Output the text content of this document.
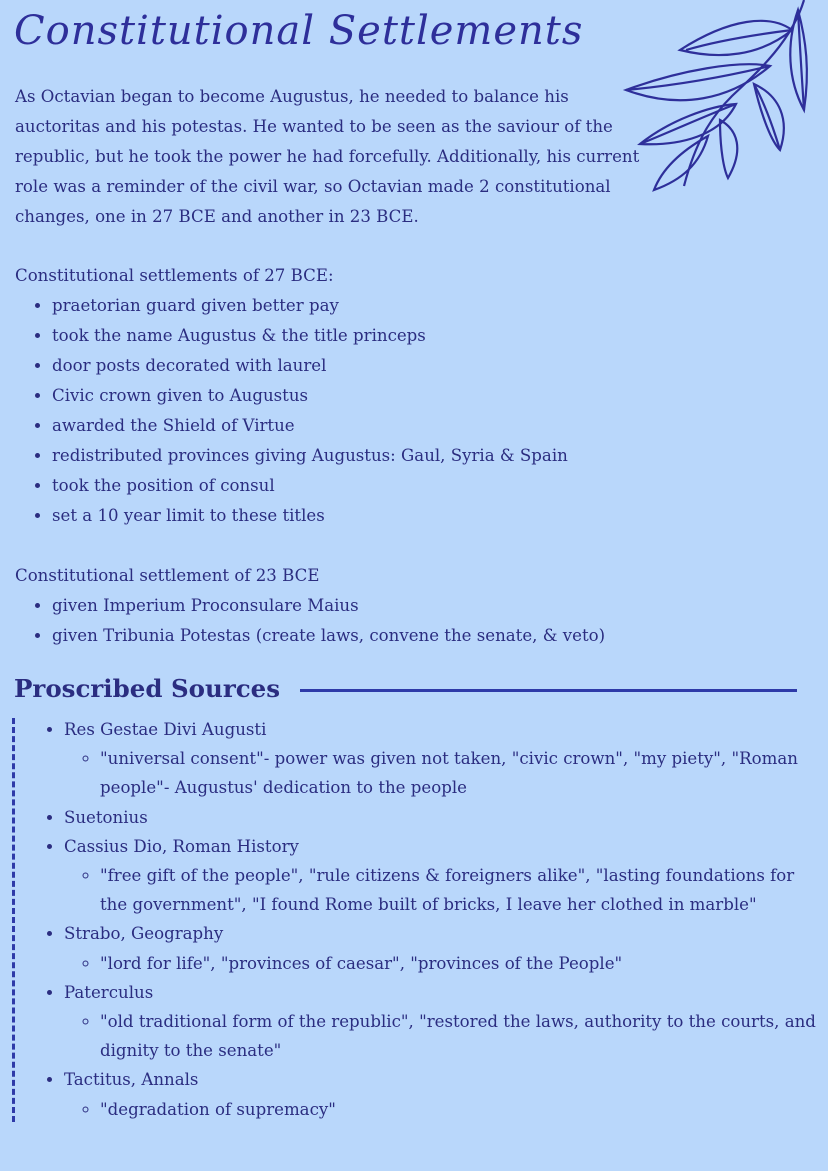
Constitutional Settlements

As Octavian began to become Augustus, he needed to balance his auctoritas and his potestas. He wanted to be seen as the saviour of the republic, but he took the power he had forcefully. Additionally, his current role was a reminder of the civil war, so Octavian made 2 constitutional changes, one in 27 BCE and another in 23 BCE.

Constitutional settlements of 27 BCE:

• praetorian guard given better pay
• took the name Augustus & the title princeps
• door posts decorated with laurel
• Civic crown given to Augustus
• awarded the Shield of Virtue
• redistributed provinces giving Augustus: Gaul, Syria & Spain
• took the position of consul
• set a 10 year limit to these titles

Constitutional settlement of 23 BCE

• given Imperium Proconsulare Maius
• given Tribunia Potestas (create laws, convene the senate, & veto)
Proscribed Sources
• Res Gestae Divi Augusti
◦ "universal consent"- power was given not taken, "civic crown", "my piety", "Roman people"- Augustus' dedication to the people
• Suetonius
• Cassius Dio, Roman History
◦ "free gift of the people", "rule citizens & foreigners alike", "lasting foundations for the government", "I found Rome built of bricks, I leave her clothed in marble"
• Strabo, Geography
◦ "lord for life", "provinces of caesar", "provinces of the People"
• Paterculus
◦ "old traditional form of the republic", "restored the laws, authority to the courts, and dignity to the senate"
• Tactitus, Annals
◦ "degradation of supremacy"
